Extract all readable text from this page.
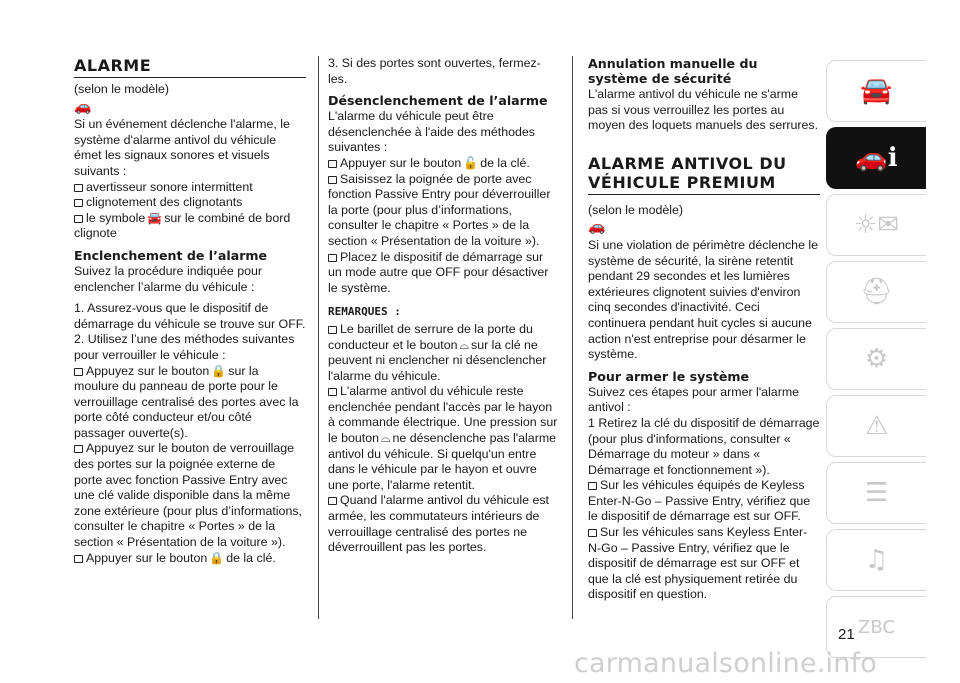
ALARME

(selon le modèle)

🚗

Si un événement déclenche l'alarme, le système d'alarme antivol du véhicule émet les signaux sonores et visuels suivants :

avertisseur sonore intermittent

clignotement des clignotants

le symbole 🚘 sur le combiné de bord clignote

Enclenchement de l’alarme

Suivez la procédure indiquée pour enclencher l’alarme du véhicule :

1. Assurez-vous que le dispositif de démarrage du véhicule se trouve sur OFF.

2. Utilisez l’une des méthodes suivantes pour verrouiller le véhicule :

Appuyez sur le bouton 🔒 sur la moulure du panneau de porte pour le verrouillage centralisé des portes avec la porte côté conducteur et/ou côté passager ouverte(s).

Appuyez sur le bouton de verrouillage des portes sur la poignée externe de porte avec fonction Passive Entry avec une clé valide disponible dans la même zone extérieure (pour plus d’informations, consulter le chapitre « Portes » de la section « Présentation de la voiture »).

Appuyer sur le bouton 🔒 de la clé.

3. Si des portes sont ouvertes, fermez-les.

Désenclenchement de l’alarme

L'alarme du véhicule peut être désenclenchée à l'aide des méthodes suivantes :

Appuyer sur le bouton 🔓 de la clé.

Saisissez la poignée de porte avec fonction Passive Entry pour déverrouiller la porte (pour plus d’informations, consulter le chapitre « Portes » de la section « Présentation de la voiture »).

Placez le dispositif de démarrage sur un mode autre que OFF pour désactiver le système.

REMARQUES :

Le barillet de serrure de la porte du conducteur et le bouton ⌓ sur la clé ne peuvent ni enclencher ni désenclencher l'alarme du véhicule.

L'alarme antivol du véhicule reste enclenchée pendant l'accès par le hayon à commande électrique. Une pression sur le bouton ⌓ ne désenclenche pas l'alarme antivol du véhicule. Si quelqu'un entre dans le véhicule par le hayon et ouvre une porte, l'alarme retentit.

Quand l'alarme antivol du véhicule est armée, les commutateurs intérieurs de verrouillage centralisé des portes ne déverrouillent pas les portes.

Annulation manuelle du système de sécurité

L'alarme antivol du véhicule ne s'arme pas si vous verrouillez les portes au moyen des loquets manuels des serrures.

ALARME ANTIVOL DU VÉHICULE PREMIUM

(selon le modèle)

🚗

Si une violation de périmètre déclenche le système de sécurité, la sirène retentit pendant 29 secondes et les lumières extérieures clignotent suivies d'environ cinq secondes d'inactivité. Ceci continuera pendant huit cycles si aucune action n'est entreprise pour désarmer le système.

Pour armer le système

Suivez ces étapes pour armer l'alarme antivol :

1 Retirez la clé du dispositif de démarrage (pour plus d'informations, consulter « Démarrage du moteur » dans « Démarrage et fonctionnement »).

Sur les véhicules équipés de Keyless Enter-N-Go – Passive Entry, vérifiez que le dispositif de démarrage est sur OFF.

Sur les véhicules sans Keyless Enter-N-Go – Passive Entry, vérifiez que le dispositif de démarrage est sur OFF et que la clé est physiquement retirée du dispositif en question.

🚘
🚗ℹ
☼✉
⛑
⚙
⚠
☰
♫
ZBC
21
carmanualsonline.info
